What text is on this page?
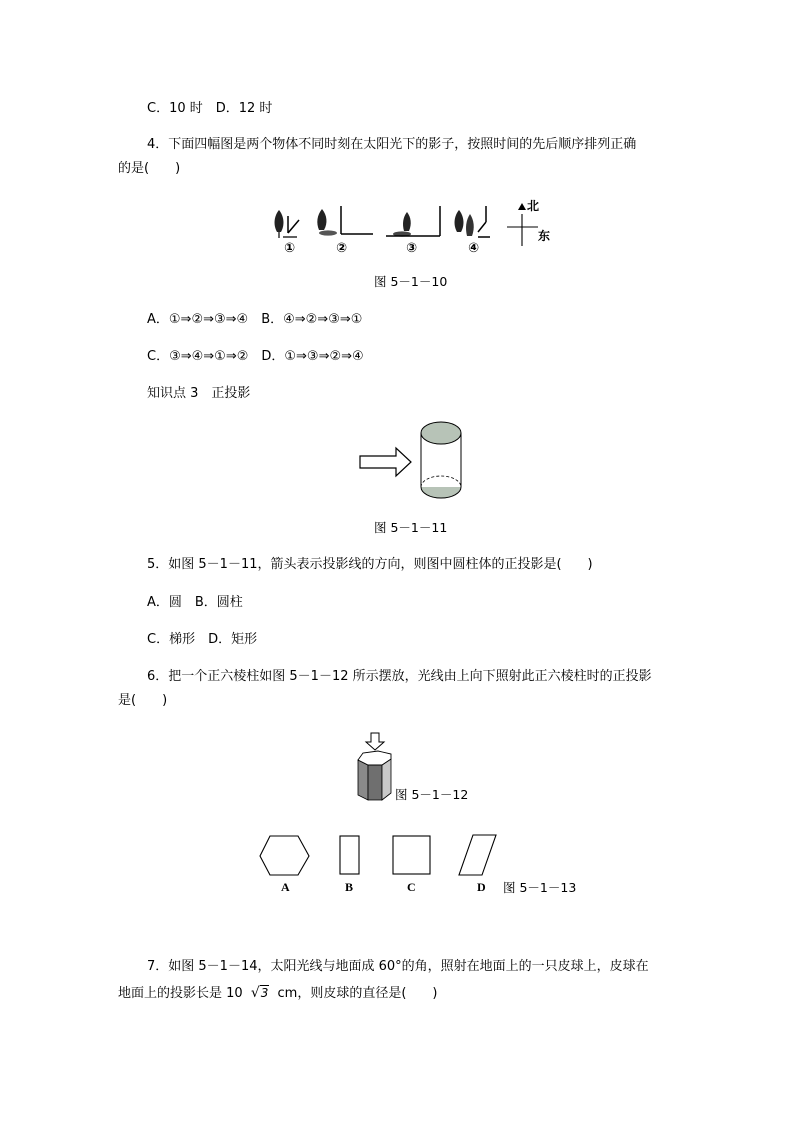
C．10 时　D．12 时
4．下面四幅图是两个物体不同时刻在太阳光下的影子，按照时间的先后顺序排列正确
的是(　　)
北
东
①	②	③	④
图 5－1－10
A．①⇒②⇒③⇒④　B．④⇒②⇒③⇒①
C．③⇒④⇒①⇒②　D．①⇒③⇒②⇒④
知识点 3　正投影
图 5－1－11
5．如图 5－1－11，箭头表示投影线的方向，则图中圆柱体的正投影是(　　)
A．圆　B．圆柱
C．梯形　D．矩形
6．把一个正六棱柱如图 5－1－12 所示摆放，光线由上向下照射此正六棱柱时的正投影
是(　　)
图 5－1－12
A	B	C	D 图 5－1－13
7．如图 5－1－14，太阳光线与地面成 60°的角，照射在地面上的一只皮球上，皮球在
地面上的投影长是 10 √3 cm，则皮球的直径是(　　)
